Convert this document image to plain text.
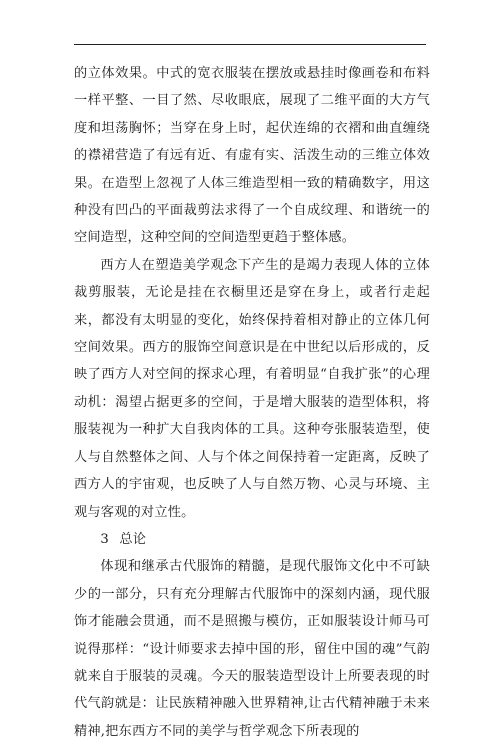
的立体效果。中式的宽衣服装在摆放或悬挂时像画卷和布料一样平整、一目了然、尽收眼底，展现了二维平面的大方气度和坦荡胸怀；当穿在身上时，起伏连绵的衣褶和曲直缠绕的襟裙营造了有远有近、有虚有实、活泼生动的三维立体效果。在造型上忽视了人体三维造型相一致的精确数字，用这种没有凹凸的平面裁剪法求得了一个自成纹理、和谐统一的空间造型，这种空间的空间造型更趋于整体感。

西方人在塑造美学观念下产生的是竭力表现人体的立体裁剪服装，无论是挂在衣橱里还是穿在身上，或者行走起来，都没有太明显的变化，始终保持着相对静止的立体几何空间效果。西方的服饰空间意识是在中世纪以后形成的，反映了西方人对空间的探求心理，有着明显“自我扩张”的心理动机：渴望占据更多的空间，于是增大服装的造型体积，将服装视为一种扩大自我肉体的工具。这种夸张服装造型，使人与自然整体之间、人与个体之间保持着一定距离，反映了西方人的宇宙观，也反映了人与自然万物、心灵与环境、主观与客观的对立性。

3 总论

体现和继承古代服饰的精髓，是现代服饰文化中不可缺少的一部分，只有充分理解古代服饰中的深刻内涵，现代服饰才能融会贯通，而不是照搬与模仿，正如服装设计师马可说得那样：“设计师要求去掉中国的形，留住中国的魂”气韵就来自于服装的灵魂。今天的服装造型设计上所要表现的时代气韵就是：让民族精神融入世界精神,让古代精神融于未来精神,把东西方不同的美学与哲学观念下所表现的
